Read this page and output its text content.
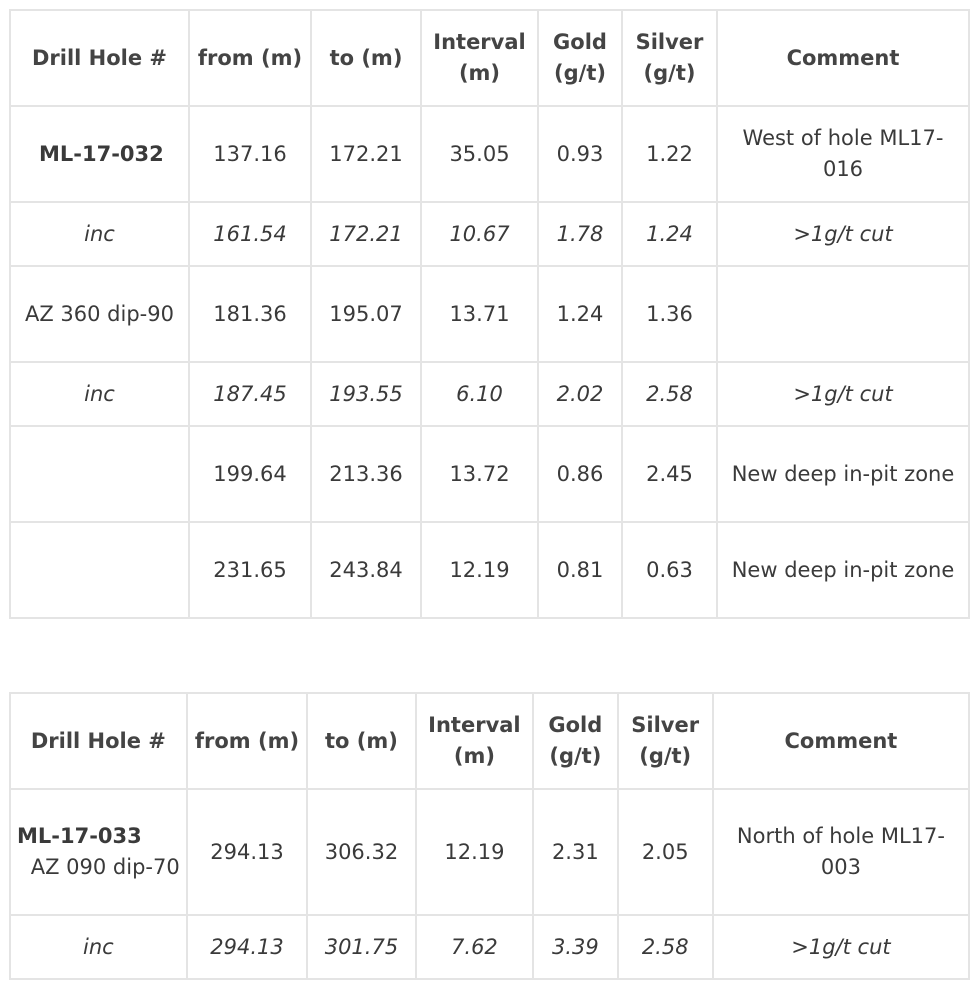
Drill Hole #	from (m)	to (m)	Interval (m)	Gold (g/t)	Silver (g/t)	Comment
ML-17-032	137.16	172.21	35.05	0.93	1.22	West of hole ML17-016
inc	161.54	172.21	10.67	1.78	1.24	>1g/t cut
AZ 360 dip-90	181.36	195.07	13.71	1.24	1.36	
inc	187.45	193.55	6.10	2.02	2.58	>1g/t cut
	199.64	213.36	13.72	0.86	2.45	New deep in-pit zone
	231.65	243.84	12.19	0.81	0.63	New deep in-pit zone
Drill Hole #	from (m)	to (m)	Interval (m)	Gold (g/t)	Silver (g/t)	Comment

ML-17-033
AZ 090 dip-70	294.13	306.32	12.19	2.31	2.05	North of hole ML17-003
inc	294.13	301.75	7.62	3.39	2.58	>1g/t cut
